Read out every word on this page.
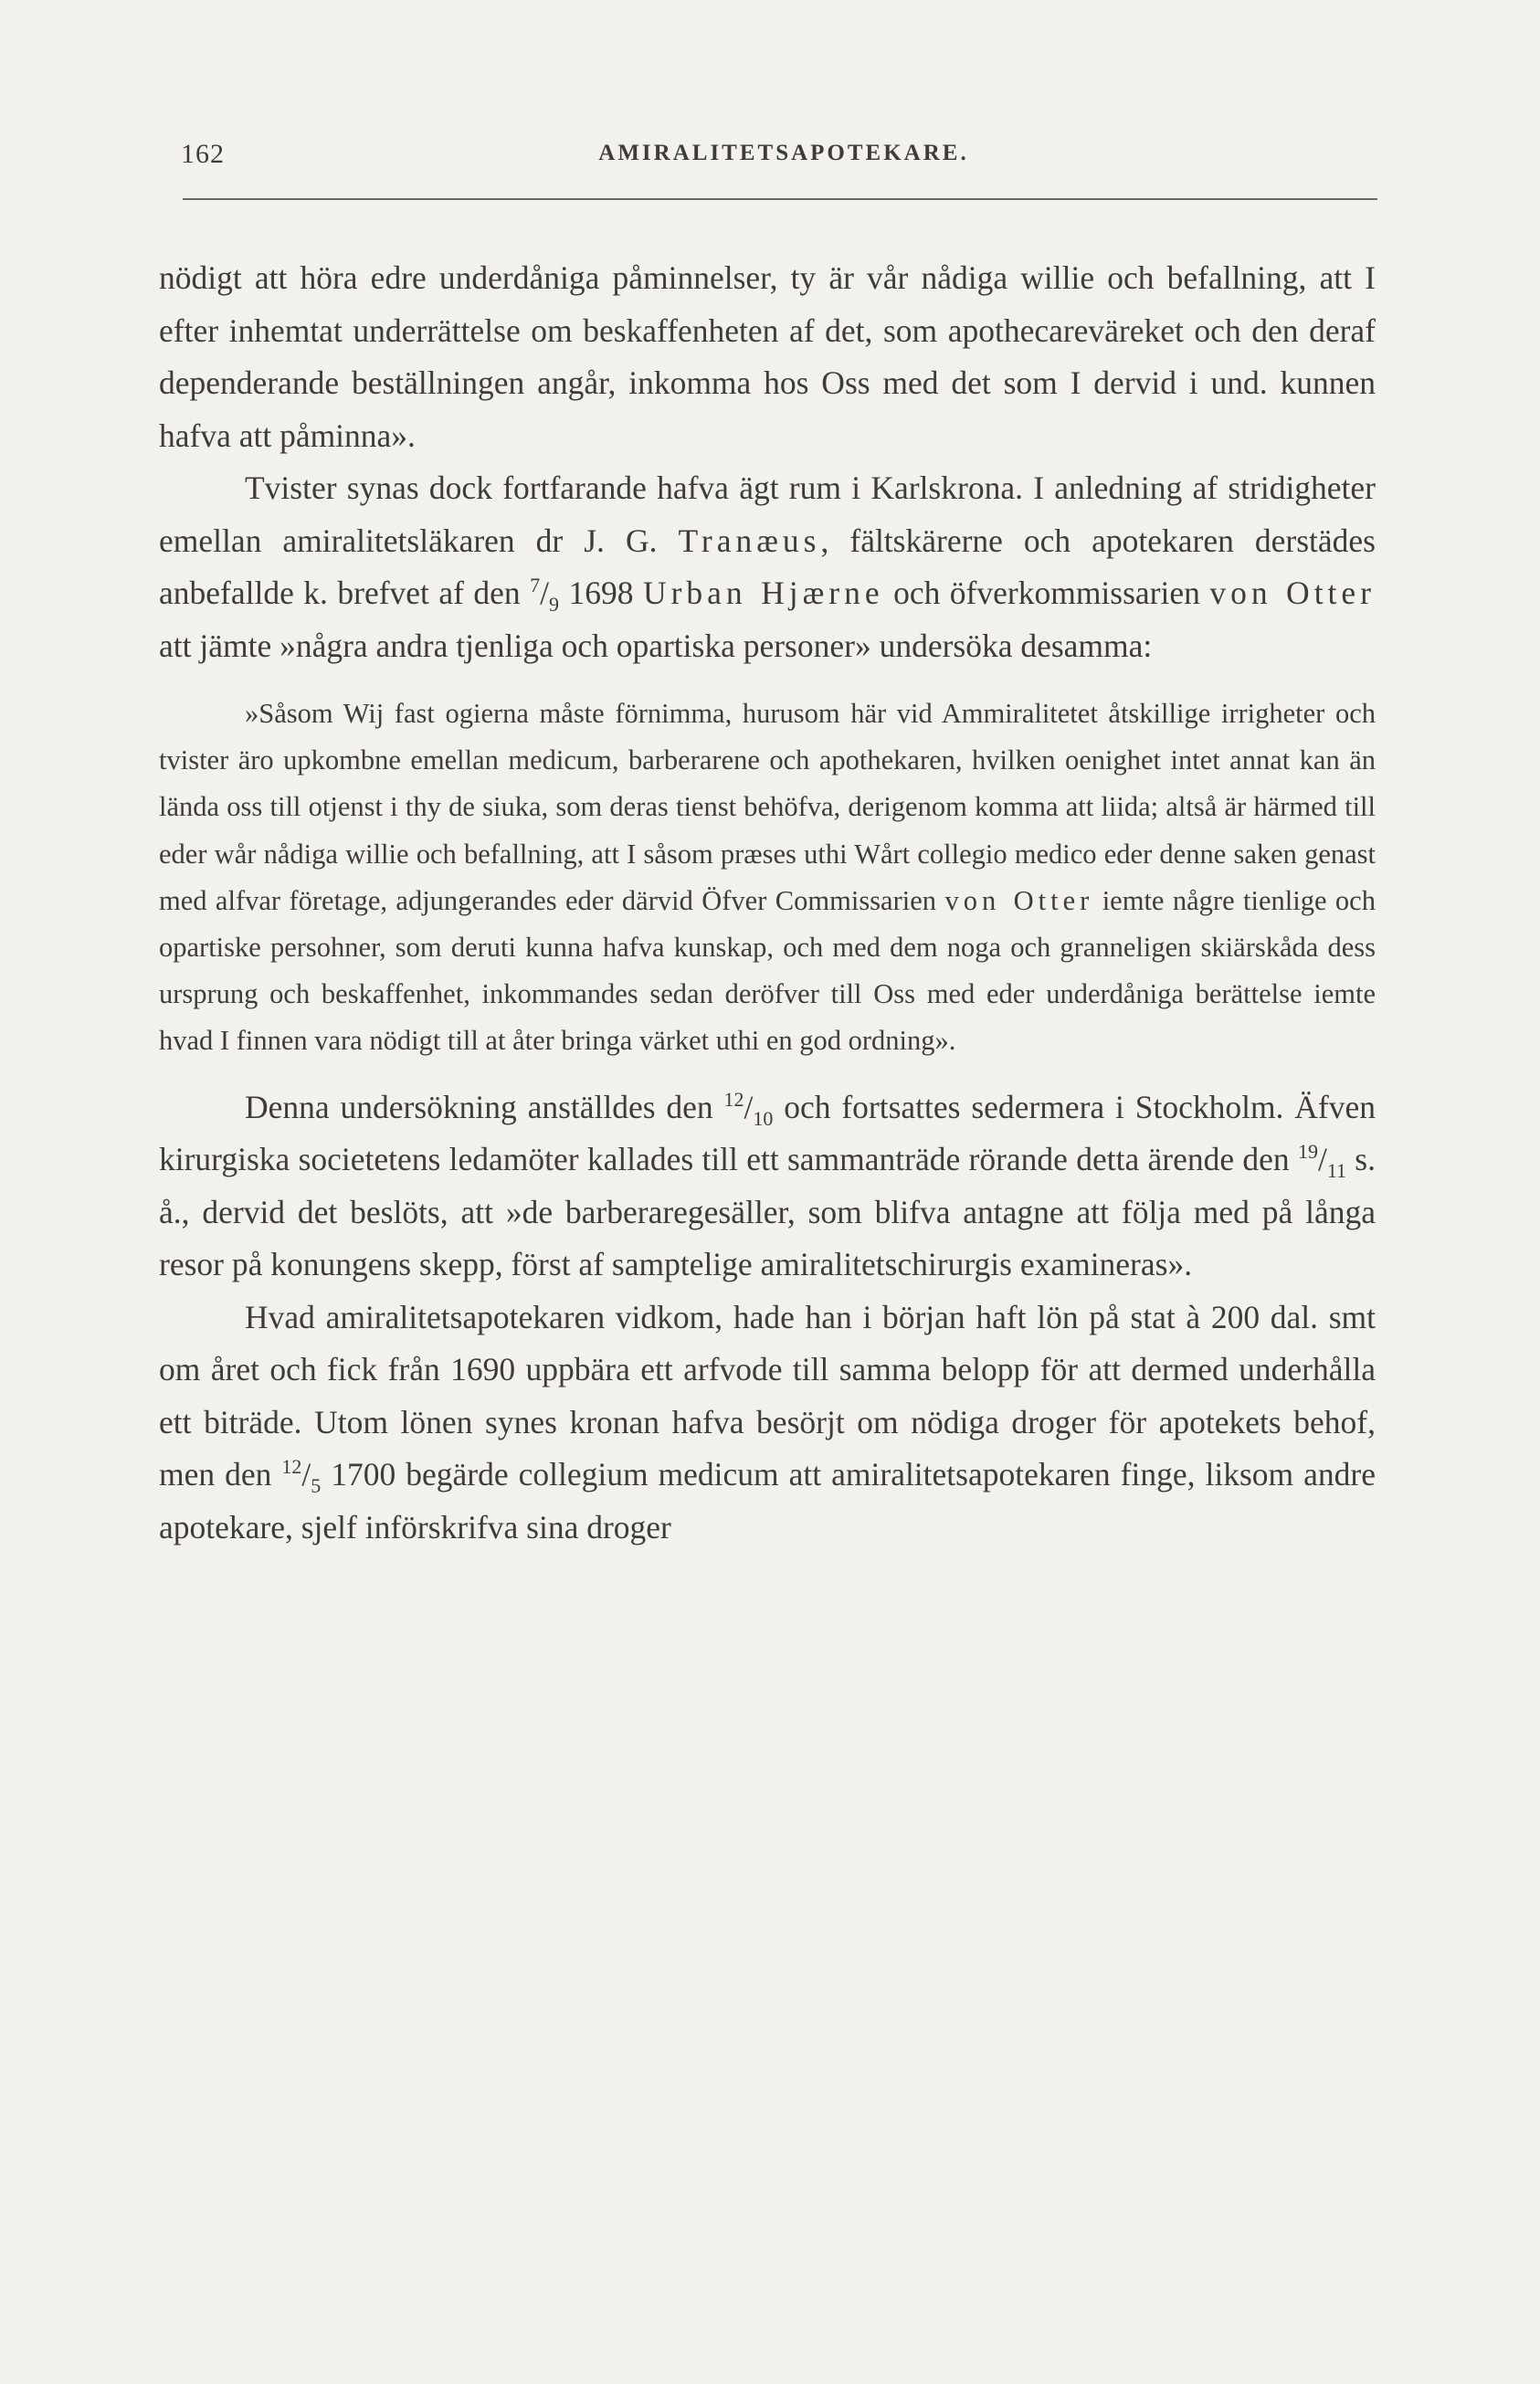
162	AMIRALITETSAPOTEKARE.

nödigt att höra edre underdåniga påminnelser, ty är vår nådiga willie och befallning, att I efter inhemtat underrättelse om beskaffenheten af det, som apothecareväreket och den deraf dependerande beställningen angår, inkomma hos Oss med det som I dervid i und. kunnen hafva att påminna».

Tvister synas dock fortfarande hafva ägt rum i Karlskrona. I anledning af stridigheter emellan amiralitetsläkaren dr J. G. Tranæus, fältskärerne och apotekaren derstädes anbefallde k. brefvet af den $^7/_9$ 1698 Urban Hjærne och öfverkommissarien von Otter att jämte »några andra tjenliga och opartiska personer» undersöka desamma:

»Såsom Wij fast ogierna måste förnimma, hurusom här vid Ammiralitetet åtskillige irrigheter och tvister äro upkombne emellan medicum, barberarene och apothekaren, hvilken oenighet intet annat kan än lända oss till otjenst i thy de siuka, som deras tienst behöfva, derigenom komma att liida; altså är härmed till eder wår nådiga willie och befallning, att I såsom præses uthi Wårt collegio medico eder denne saken genast med alfvar företage, adjungerandes eder därvid Öfver Commissarien von Otter iemte någre tienlige och opartiske persohner, som deruti kunna hafva kunskap, och med dem noga och granneligen skiärskåda dess ursprung och beskaffenhet, inkommandes sedan deröfver till Oss med eder underdåniga berättelse iemte hvad I finnen vara nödigt till at åter bringa värket uthi en god ordning».

Denna undersökning anställdes den $^{12}/_{10}$ och fortsattes sedermera i Stockholm. Äfven kirurgiska societetens ledamöter kallades till ett sammanträde rörande detta ärende den $^{19}/_{11}$ s. å., dervid det beslöts, att »de barberaregesäller, som blifva antagne att följa med på långa resor på konungens skepp, först af samptelige amiralitetschirurgis examineras».

Hvad amiralitetsapotekaren vidkom, hade han i början haft lön på stat à 200 dal. smt om året och fick från 1690 uppbära ett arfvode till samma belopp för att dermed underhålla ett biträde. Utom lönen synes kronan hafva besörjt om nödiga droger för apotekets behof, men den $^{12}/_5$ 1700 begärde collegium medicum att amiralitetsapotekaren finge, liksom andre apotekare, sjelf införskrifva sina droger
